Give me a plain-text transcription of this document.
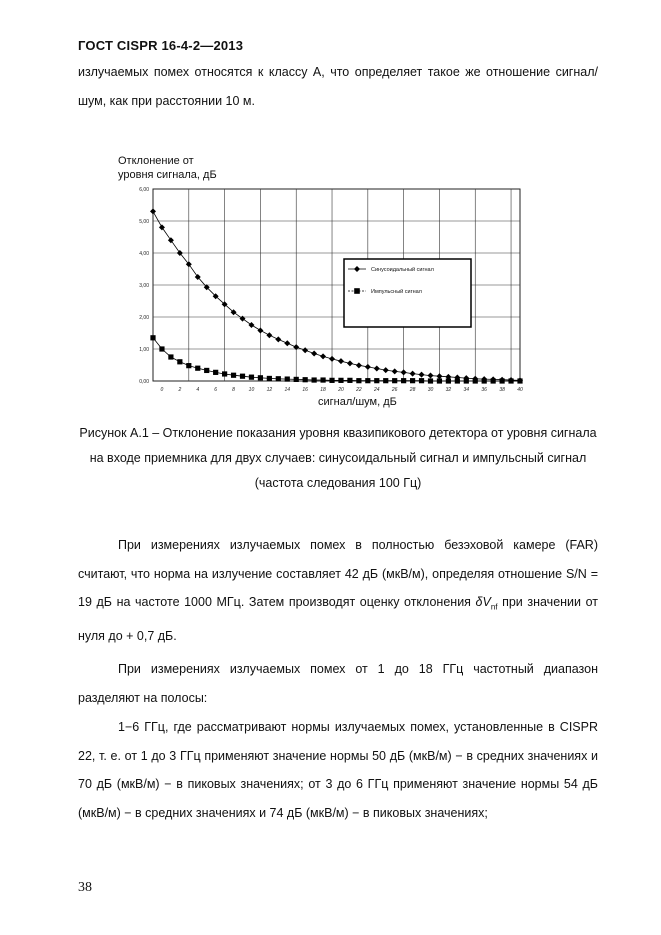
ГОСТ CISPR 16-4-2—2013
излучаемых помех относятся к классу А, что определяет такое же отношение сигнал/шум, как при расстоянии 10 м.
Отклонение от уровня сигнала, дБ
0,00
1,00
2,00
3,00
4,00
5,00
6,00
0	2	4	6	8	10 12 14 16 18 20 22 24 26 28 30 32 34 36 38 40
Синусоидальный сигнал
Импульсный сигнал
сигнал/шум, дБ
Рисунок А.1 – Отклонение показания уровня квазипикового детектора от уровня сигнала на входе приемника для двух случаев: синусоидальный сигнал и импульсный сигнал (частота следования 100 Гц)
При измерениях излучаемых помех в полностью безэховой камере (FAR) считают, что норма на излучение составляет 42 дБ (мкВ/м), определяя отношение S/N = 19 дБ на частоте 1000 МГц. Затем производят оценку отклонения $\delta V_{nf}$ при значении от нуля до + 0,7 дБ.
При измерениях излучаемых помех от 1 до 18 ГГц частотный диапазон разделяют на полосы:
1−6 ГГц, где рассматривают нормы излучаемых помех, установленные в CISPR 22, т. е. от 1 до 3 ГГц применяют значение нормы 50 дБ (мкВ/м) − в средних значениях и 70 дБ (мкВ/м) − в пиковых значениях; от 3 до 6 ГГц применяют значение нормы 54 дБ (мкВ/м) − в средних значениях и 74 дБ (мкВ/м) − в пиковых значениях;
38
